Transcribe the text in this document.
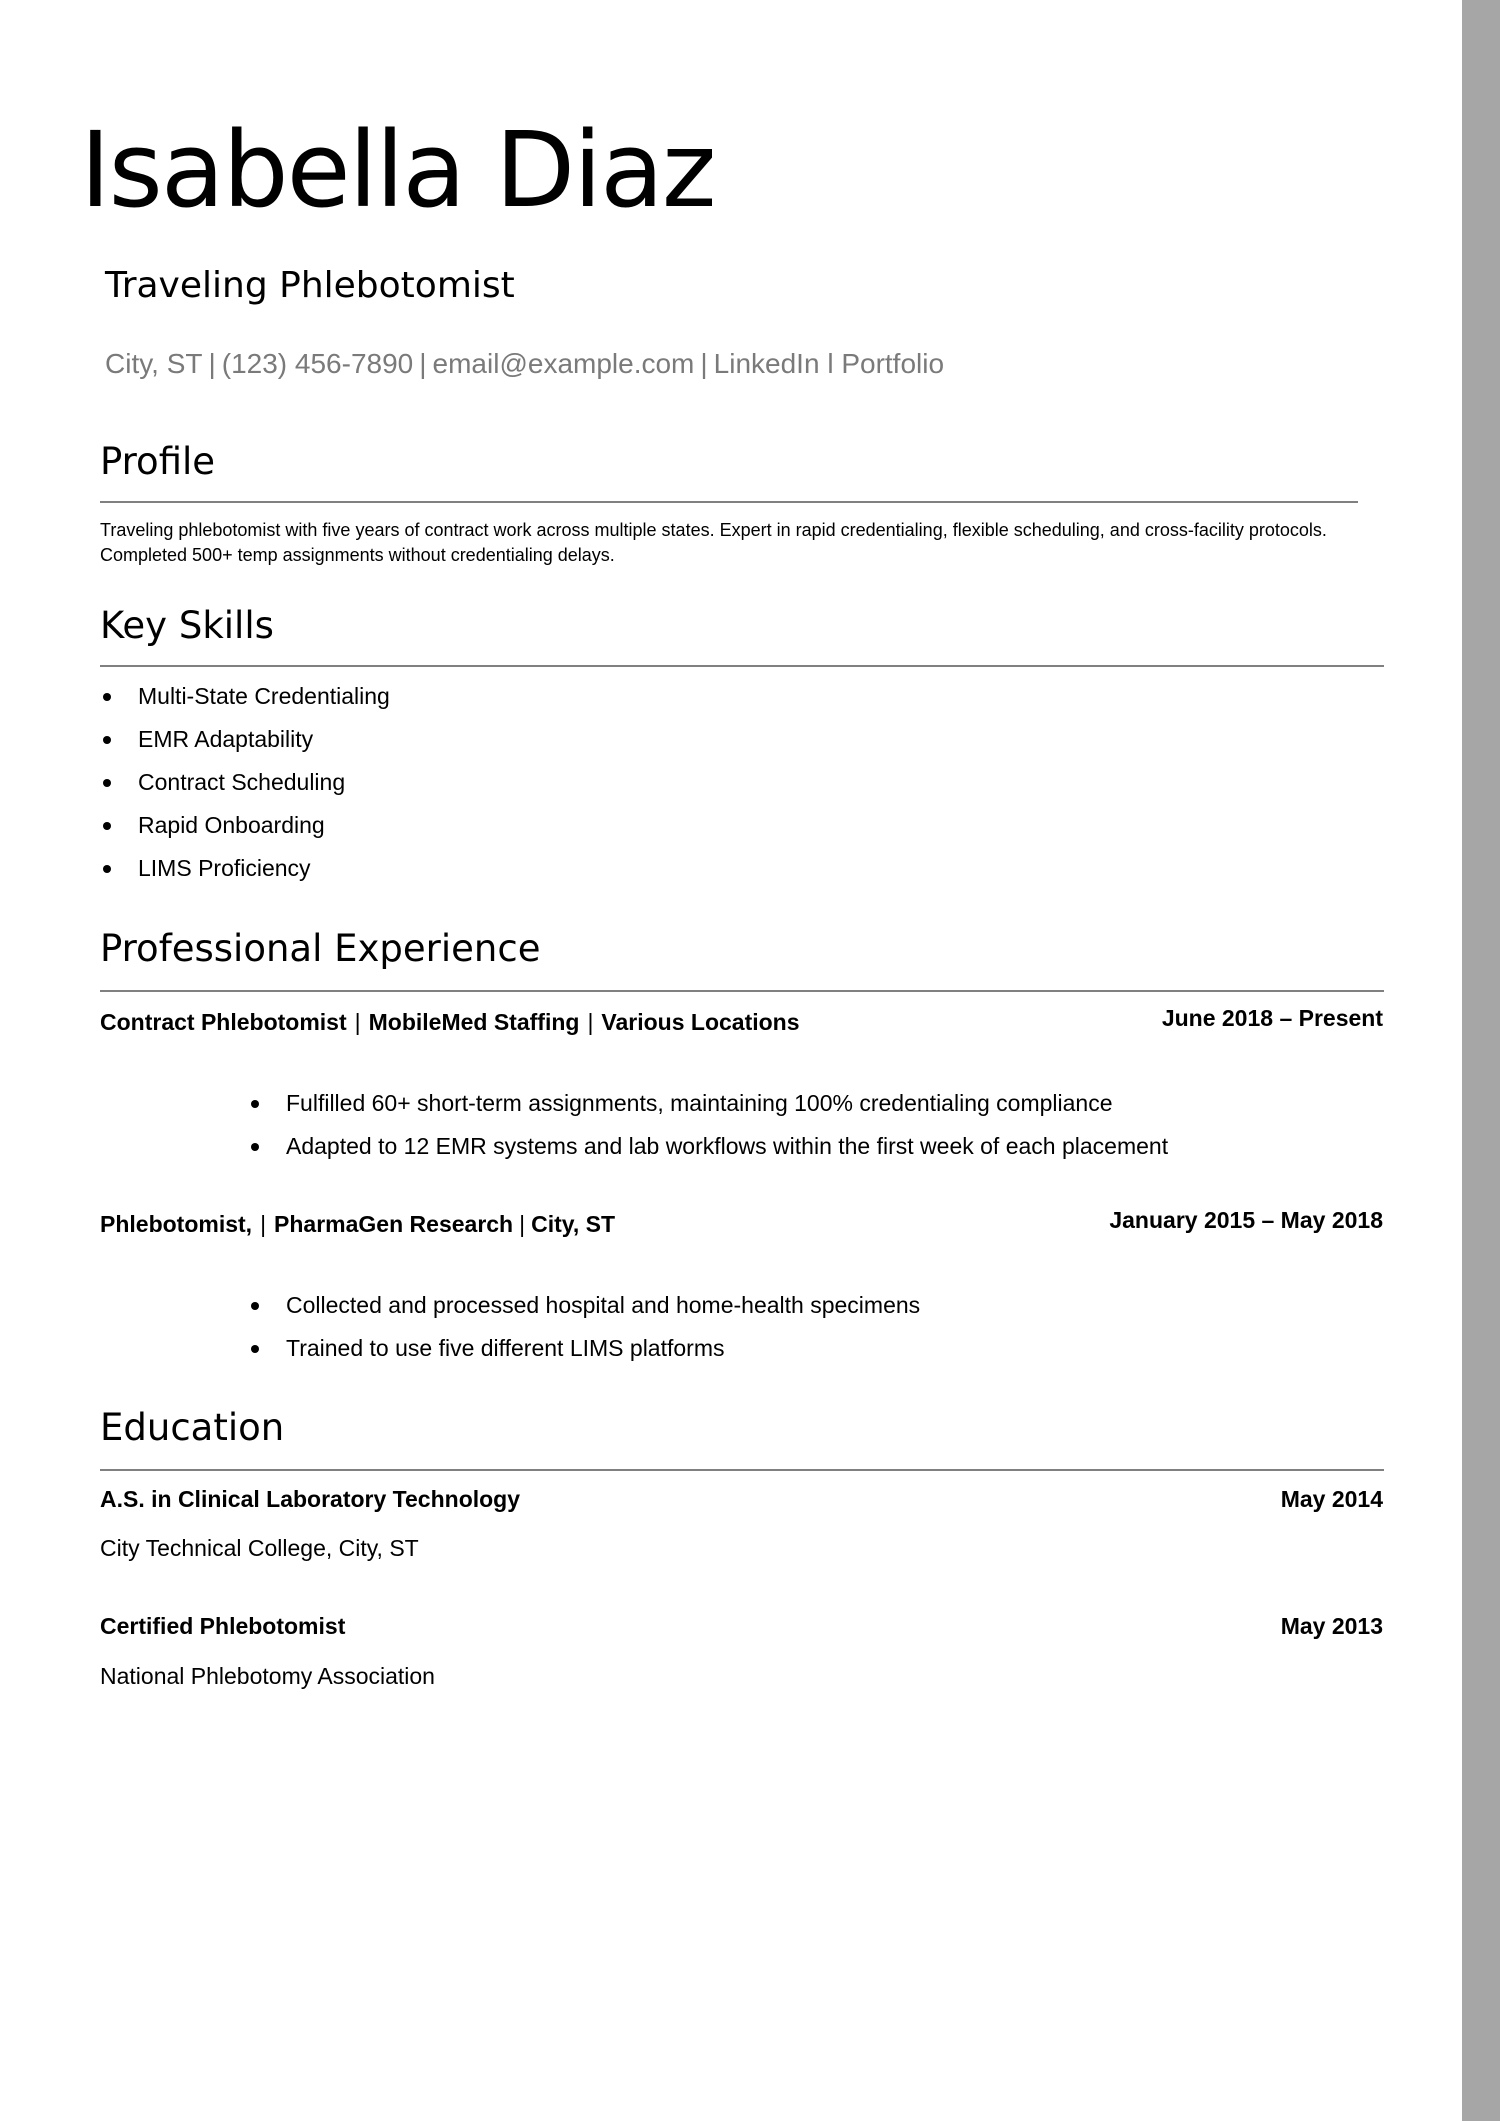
Isabella Diaz
Traveling Phlebotomist
City, ST | (123) 456-7890 | email@example.com | LinkedIn l Portfolio
Profile
Traveling phlebotomist with five years of contract work across multiple states. Expert in rapid credentialing, flexible scheduling, and cross-facility protocols. Completed 500+ temp assignments without credentialing delays.
Key Skills
Multi-State Credentialing
EMR Adaptability
Contract Scheduling
Rapid Onboarding
LIMS Proficiency
Professional Experience
Contract Phlebotomist | MobileMed Staffing | Various Locations	June 2018 – Present
Fulfilled 60+ short-term assignments, maintaining 100% credentialing compliance
Adapted to 12 EMR systems and lab workflows within the first week of each placement
Phlebotomist, | PharmaGen Research | City, ST	January 2015 – May 2018
Collected and processed hospital and home-health specimens
Trained to use five different LIMS platforms
Education
A.S. in Clinical Laboratory Technology	May 2014
City Technical College, City, ST
Certified Phlebotomist	May 2013
National Phlebotomy Association
